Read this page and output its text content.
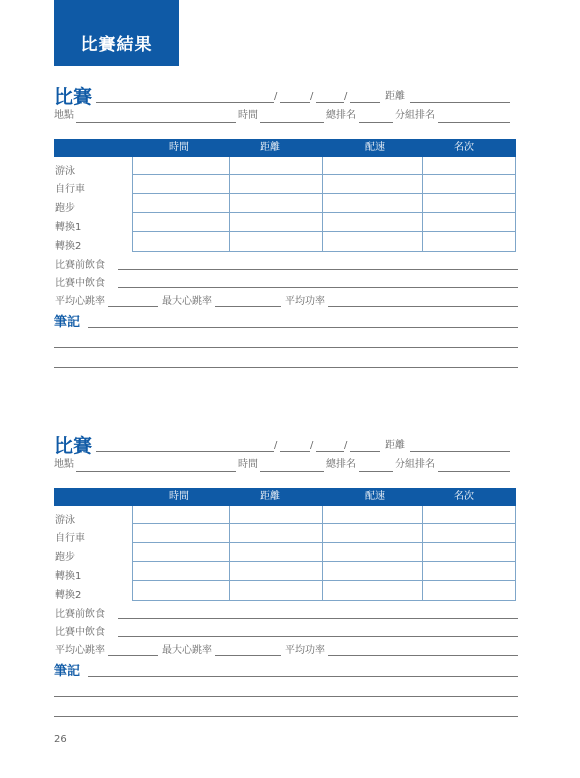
比賽結果
比賽	/	/	/	距離
地點	時間	總排名	分組排名
時間	距離	配速	名次
游泳
自行車
跑步
轉換1
轉換2
比賽前飲食
比賽中飲食
平均心跳率	最大心跳率	平均功率
筆記
比賽	/	/	/	距離
地點	時間	總排名	分組排名
時間	距離	配速	名次
游泳
自行車
跑步
轉換1
轉換2
比賽前飲食
比賽中飲食
平均心跳率	最大心跳率	平均功率
筆記
26
